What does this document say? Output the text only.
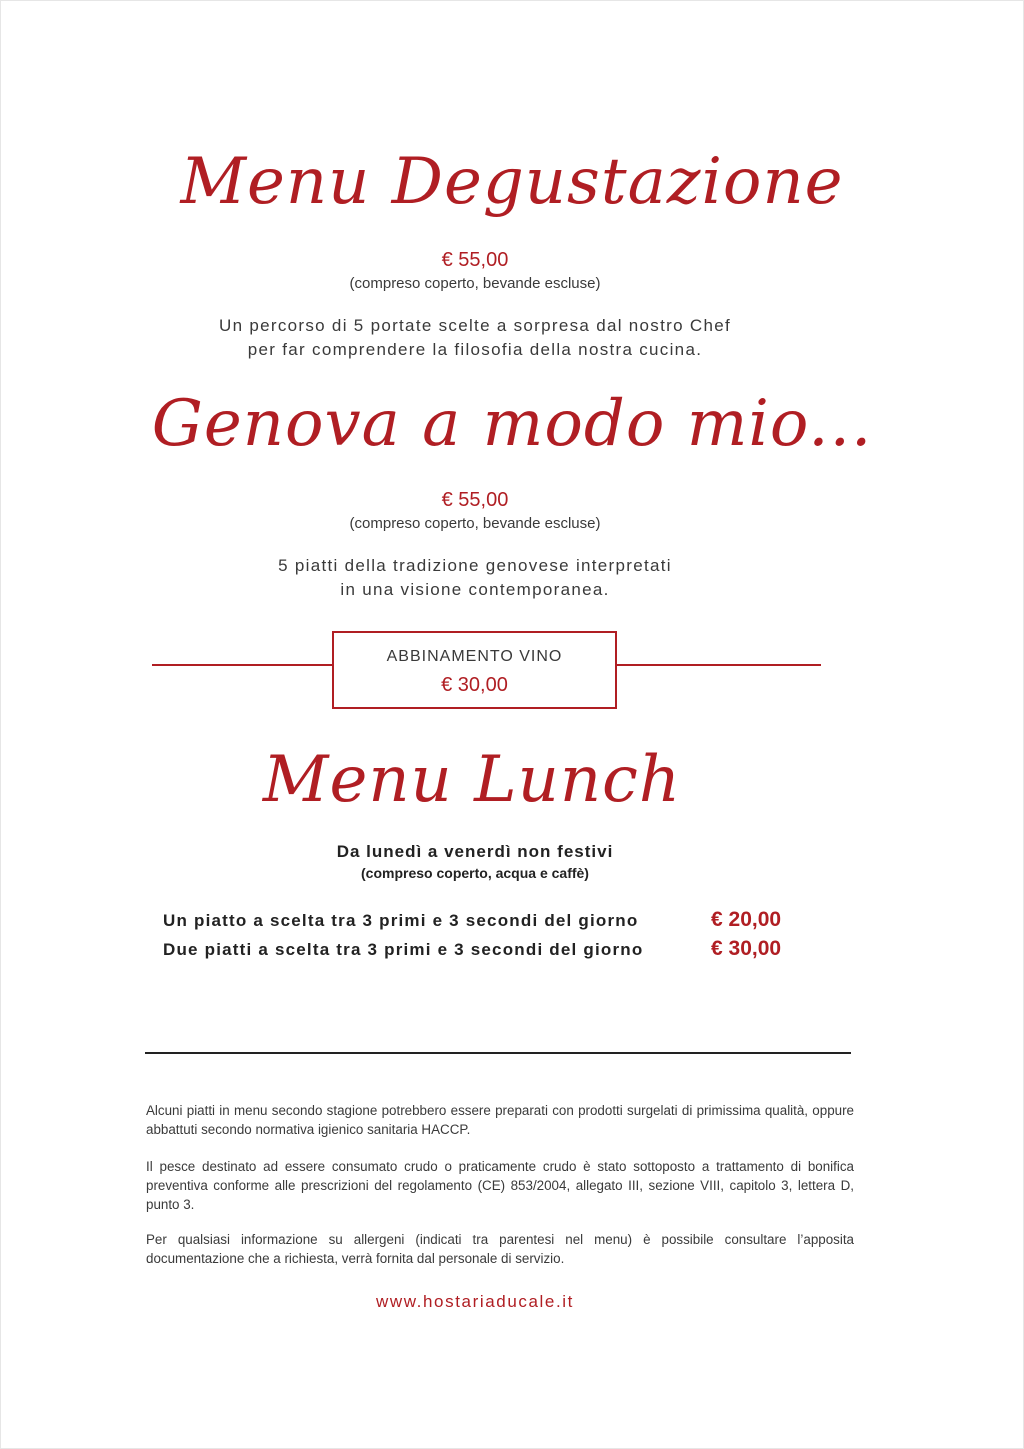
Menu Degustazione
€ 55,00
(compreso coperto, bevande escluse)
Un percorso di 5 portate scelte a sorpresa dal nostro Chef
per far comprendere la filosofia della nostra cucina.
Genova a modo mio...
€ 55,00
(compreso coperto, bevande escluse)
5 piatti della tradizione genovese interpretati
in una visione contemporanea.
ABBINAMENTO VINO
€ 30,00
Menu Lunch
Da lunedì a venerdì non festivi
(compreso coperto, acqua e caffè)
Un piatto a scelta tra 3 primi e 3 secondi del giorno	€ 20,00
Due piatti a scelta tra 3 primi e 3 secondi del giorno	€ 30,00
Alcuni piatti in menu secondo stagione potrebbero essere preparati con prodotti surgelati di primissima qualità, oppure abbattuti secondo normativa igienico sanitaria HACCP.
Il pesce destinato ad essere consumato crudo o praticamente crudo è stato sottoposto a trattamento di bonifica preventiva conforme alle prescrizioni del regolamento (CE) 853/2004, allegato III, sezione VIII, capitolo 3, lettera D, punto 3.
Per qualsiasi informazione su allergeni (indicati tra parentesi nel menu) è possibile consultare l’apposita documentazione che a richiesta, verrà fornita dal personale di servizio.
www.hostariaducale.it
